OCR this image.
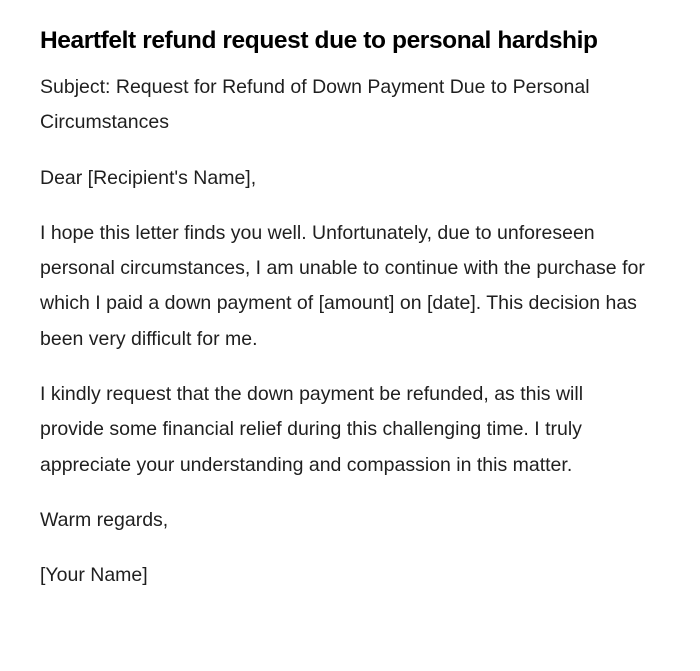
Heartfelt refund request due to personal hardship

Subject: Request for Refund of Down Payment Due to Personal Circumstances

Dear [Recipient's Name],

I hope this letter finds you well. Unfortunately, due to unforeseen personal circumstances, I am unable to continue with the purchase for which I paid a down payment of [amount] on [date]. This decision has been very difficult for me.

I kindly request that the down payment be refunded, as this will provide some financial relief during this challenging time. I truly appreciate your understanding and compassion in this matter.

Warm regards,

[Your Name]
